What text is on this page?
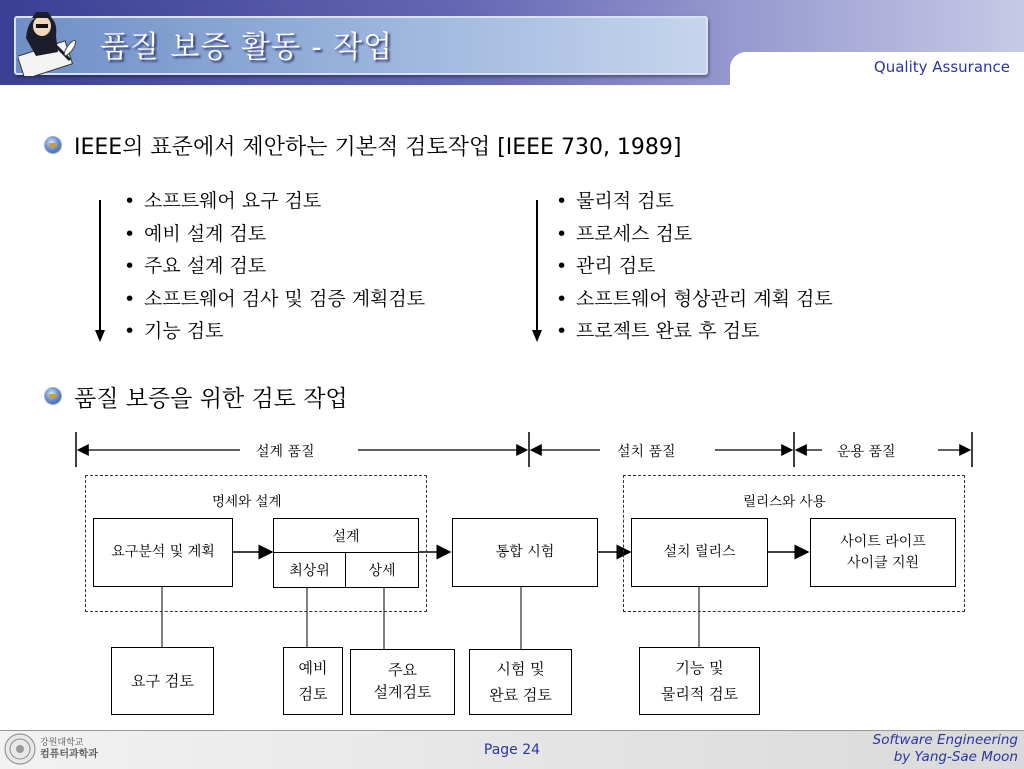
품질 보증 활동 - 작업
Quality Assurance
IEEE의 표준에서 제안하는 기본적 검토작업 [IEEE 730, 1989]
• 소프트웨어 요구 검토
• 예비 설계 검토
• 주요 설계 검토
• 소프트웨어 검사 및 검증 계획검토
• 기능 검토
• 물리적 검토
• 프로세스 검토
• 관리 검토
• 소프트웨어 형상관리 계획 검토
• 프로젝트 완료 후 검토
품질 보증을 위한 검토 작업
설계 품질	설치 품질	운용 품질
명세와 설계	릴리스와 사용
요구분석 및 계획
설계
최상위	상세
통합 시험	설치 릴리스
사이트 라이프
사이클 지원
요구 검토
예비
검토
주요
설계검토
시험 및
완료 검토
기능 및
물리적 검토
강원대학교
컴퓨터과학과	Page 24
Software Engineering
by Yang-Sae Moon
